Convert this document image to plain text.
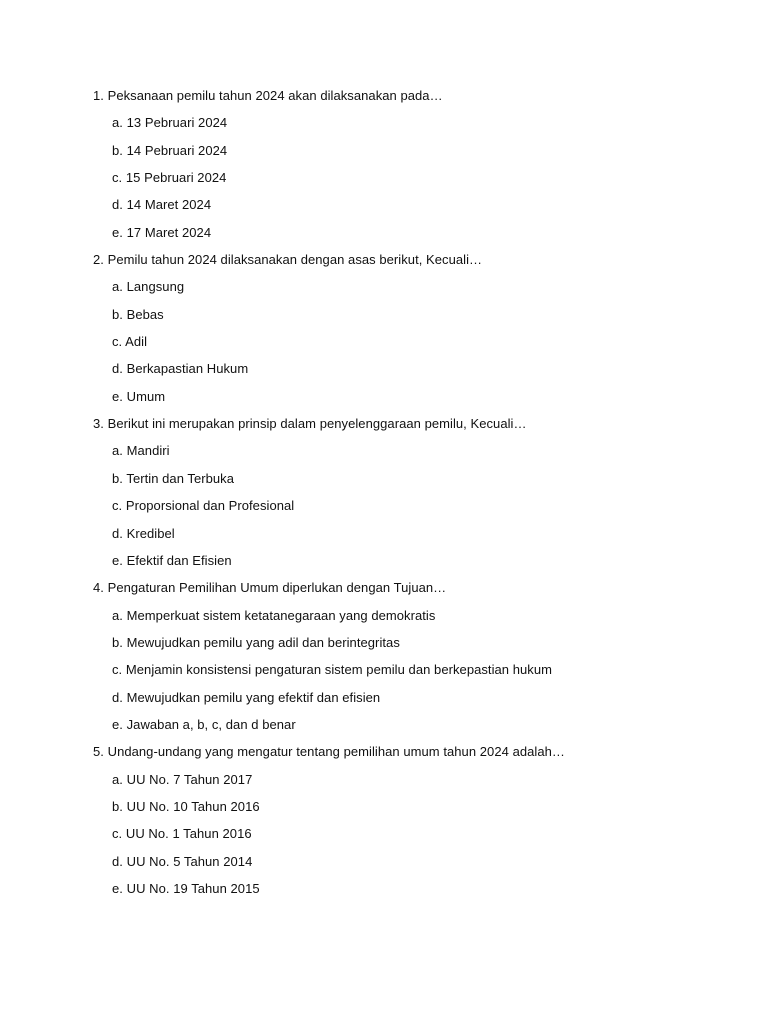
1. Peksanaan pemilu tahun 2024 akan dilaksanakan pada…
a. 13 Pebruari 2024
b. 14 Pebruari 2024
c. 15 Pebruari 2024
d. 14 Maret 2024
e. 17 Maret 2024
2. Pemilu tahun 2024 dilaksanakan dengan asas berikut, Kecuali…
a. Langsung
b. Bebas
c. Adil
d. Berkapastian Hukum
e. Umum
3. Berikut ini merupakan prinsip dalam penyelenggaraan pemilu, Kecuali…
a. Mandiri
b. Tertin dan Terbuka
c. Proporsional dan Profesional
d. Kredibel
e. Efektif dan Efisien
4. Pengaturan Pemilihan Umum diperlukan dengan Tujuan…
a. Memperkuat sistem ketatanegaraan yang demokratis
b. Mewujudkan pemilu yang adil dan berintegritas
c. Menjamin konsistensi pengaturan sistem pemilu dan berkepastian hukum
d. Mewujudkan pemilu yang efektif dan efisien
e. Jawaban a, b, c, dan d benar
5. Undang-undang yang mengatur tentang pemilihan umum tahun 2024 adalah…
a. UU No. 7 Tahun 2017
b. UU No. 10 Tahun 2016
c. UU No. 1 Tahun 2016
d. UU No. 5 Tahun 2014
e. UU No. 19 Tahun 2015
